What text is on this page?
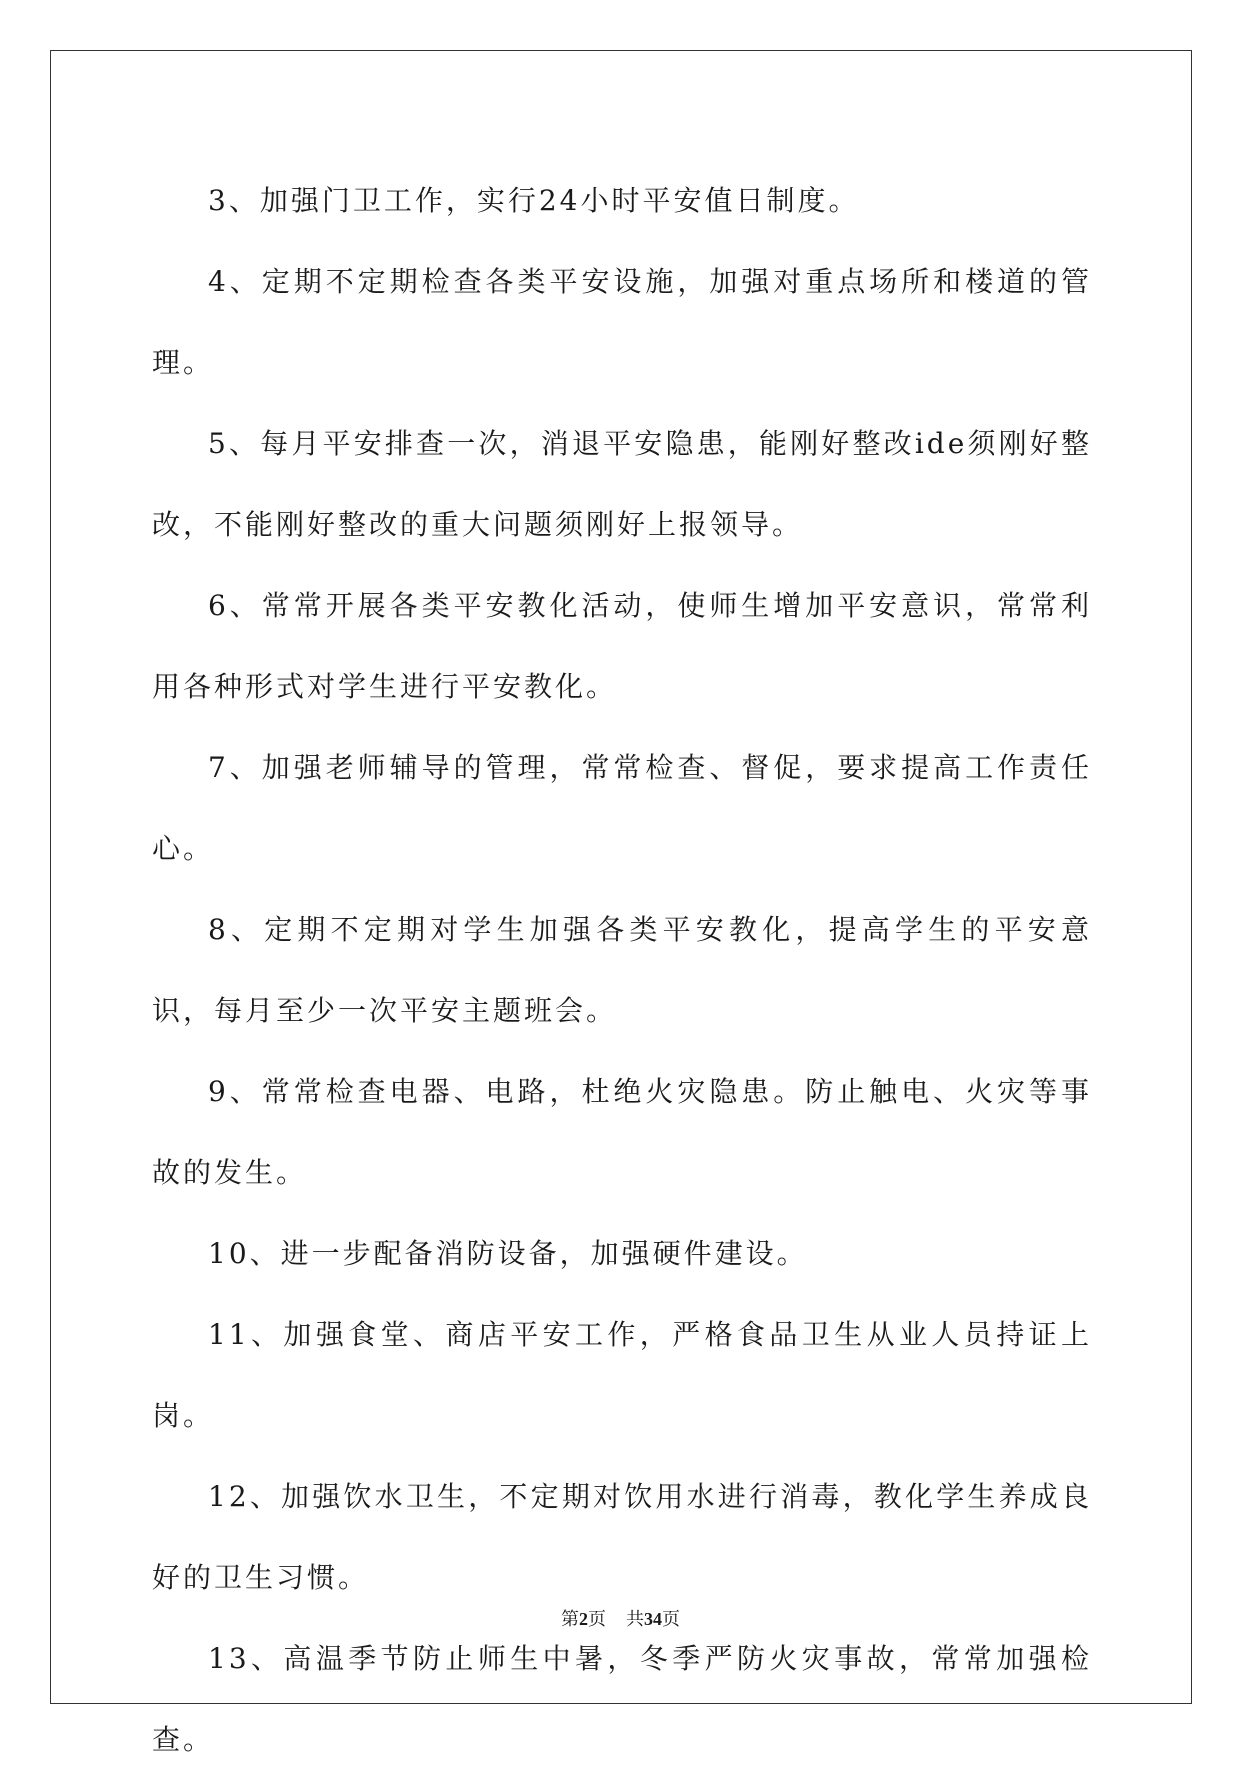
3、加强门卫工作，实行24小时平安值日制度。

4、定期不定期检查各类平安设施，加强对重点场所和楼道的管理。

5、每月平安排查一次，消退平安隐患，能刚好整改ide须刚好整改，不能刚好整改的重大问题须刚好上报领导。

6、常常开展各类平安教化活动，使师生增加平安意识，常常利用各种形式对学生进行平安教化。

7、加强老师辅导的管理，常常检查、督促，要求提高工作责任心。

8、定期不定期对学生加强各类平安教化，提高学生的平安意识，每月至少一次平安主题班会。

9、常常检查电器、电路，杜绝火灾隐患。防止触电、火灾等事故的发生。

10、进一步配备消防设备，加强硬件建设。

11、加强食堂、商店平安工作，严格食品卫生从业人员持证上岗。

12、加强饮水卫生，不定期对饮用水进行消毒，教化学生养成良好的卫生习惯。

13、高温季节防止师生中暑，冬季严防火灾事故，常常加强检查。

第2页 共34页
